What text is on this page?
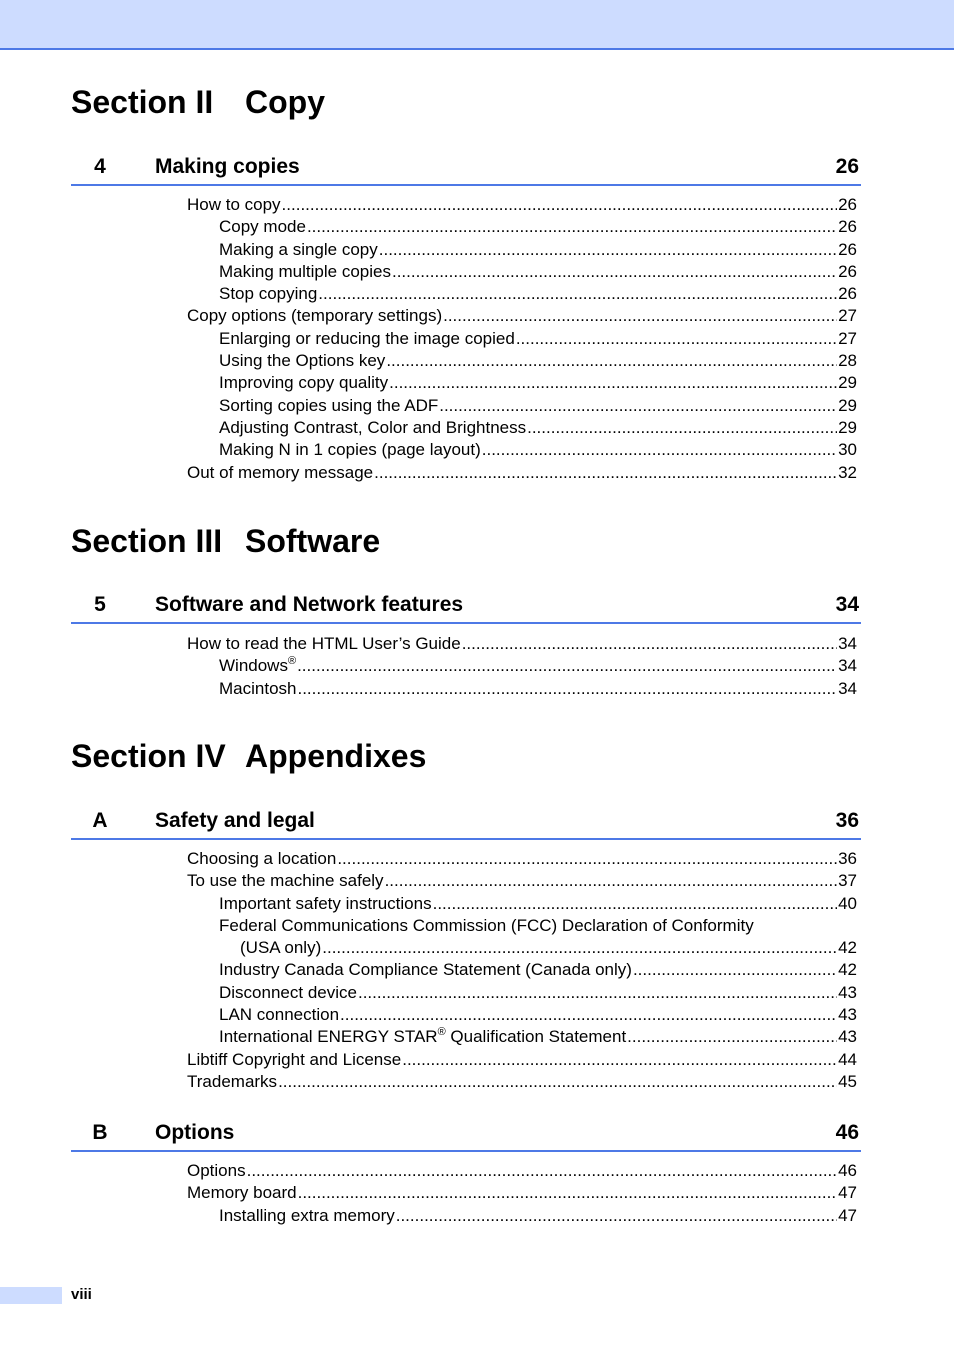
Section II Copy
4	Making copies	26
How to copy .....	26
Copy mode .....	26
Making a single copy .....	26
Making multiple copies .....	26
Stop copying .....	26
Copy options (temporary settings) .....	27
Enlarging or reducing the image copied .....	27
Using the Options key .....	28
Improving copy quality .....	29
Sorting copies using the ADF .....	29
Adjusting Contrast, Color and Brightness .....	29
Making N in 1 copies (page layout) .....	30
Out of memory message .....	32
Section III Software
5	Software and Network features	34
How to read the HTML User’s Guide .....	34
Windows® .....	34
Macintosh .....	34
Section IV Appendixes
A	Safety and legal	36
Choosing a location .....	36
To use the machine safely .....	37
Important safety instructions .....	40
Federal Communications Commission (FCC) Declaration of Conformity
(USA only) .....	42
Industry Canada Compliance Statement (Canada only) .....	42
Disconnect device .....	43
LAN connection .....	43
International ENERGY STAR® Qualification Statement .....	43
Libtiff Copyright and License .....	44
Trademarks .....	45
B	Options	46
Options .....	46
Memory board .....	47
Installing extra memory .....	47
viii
